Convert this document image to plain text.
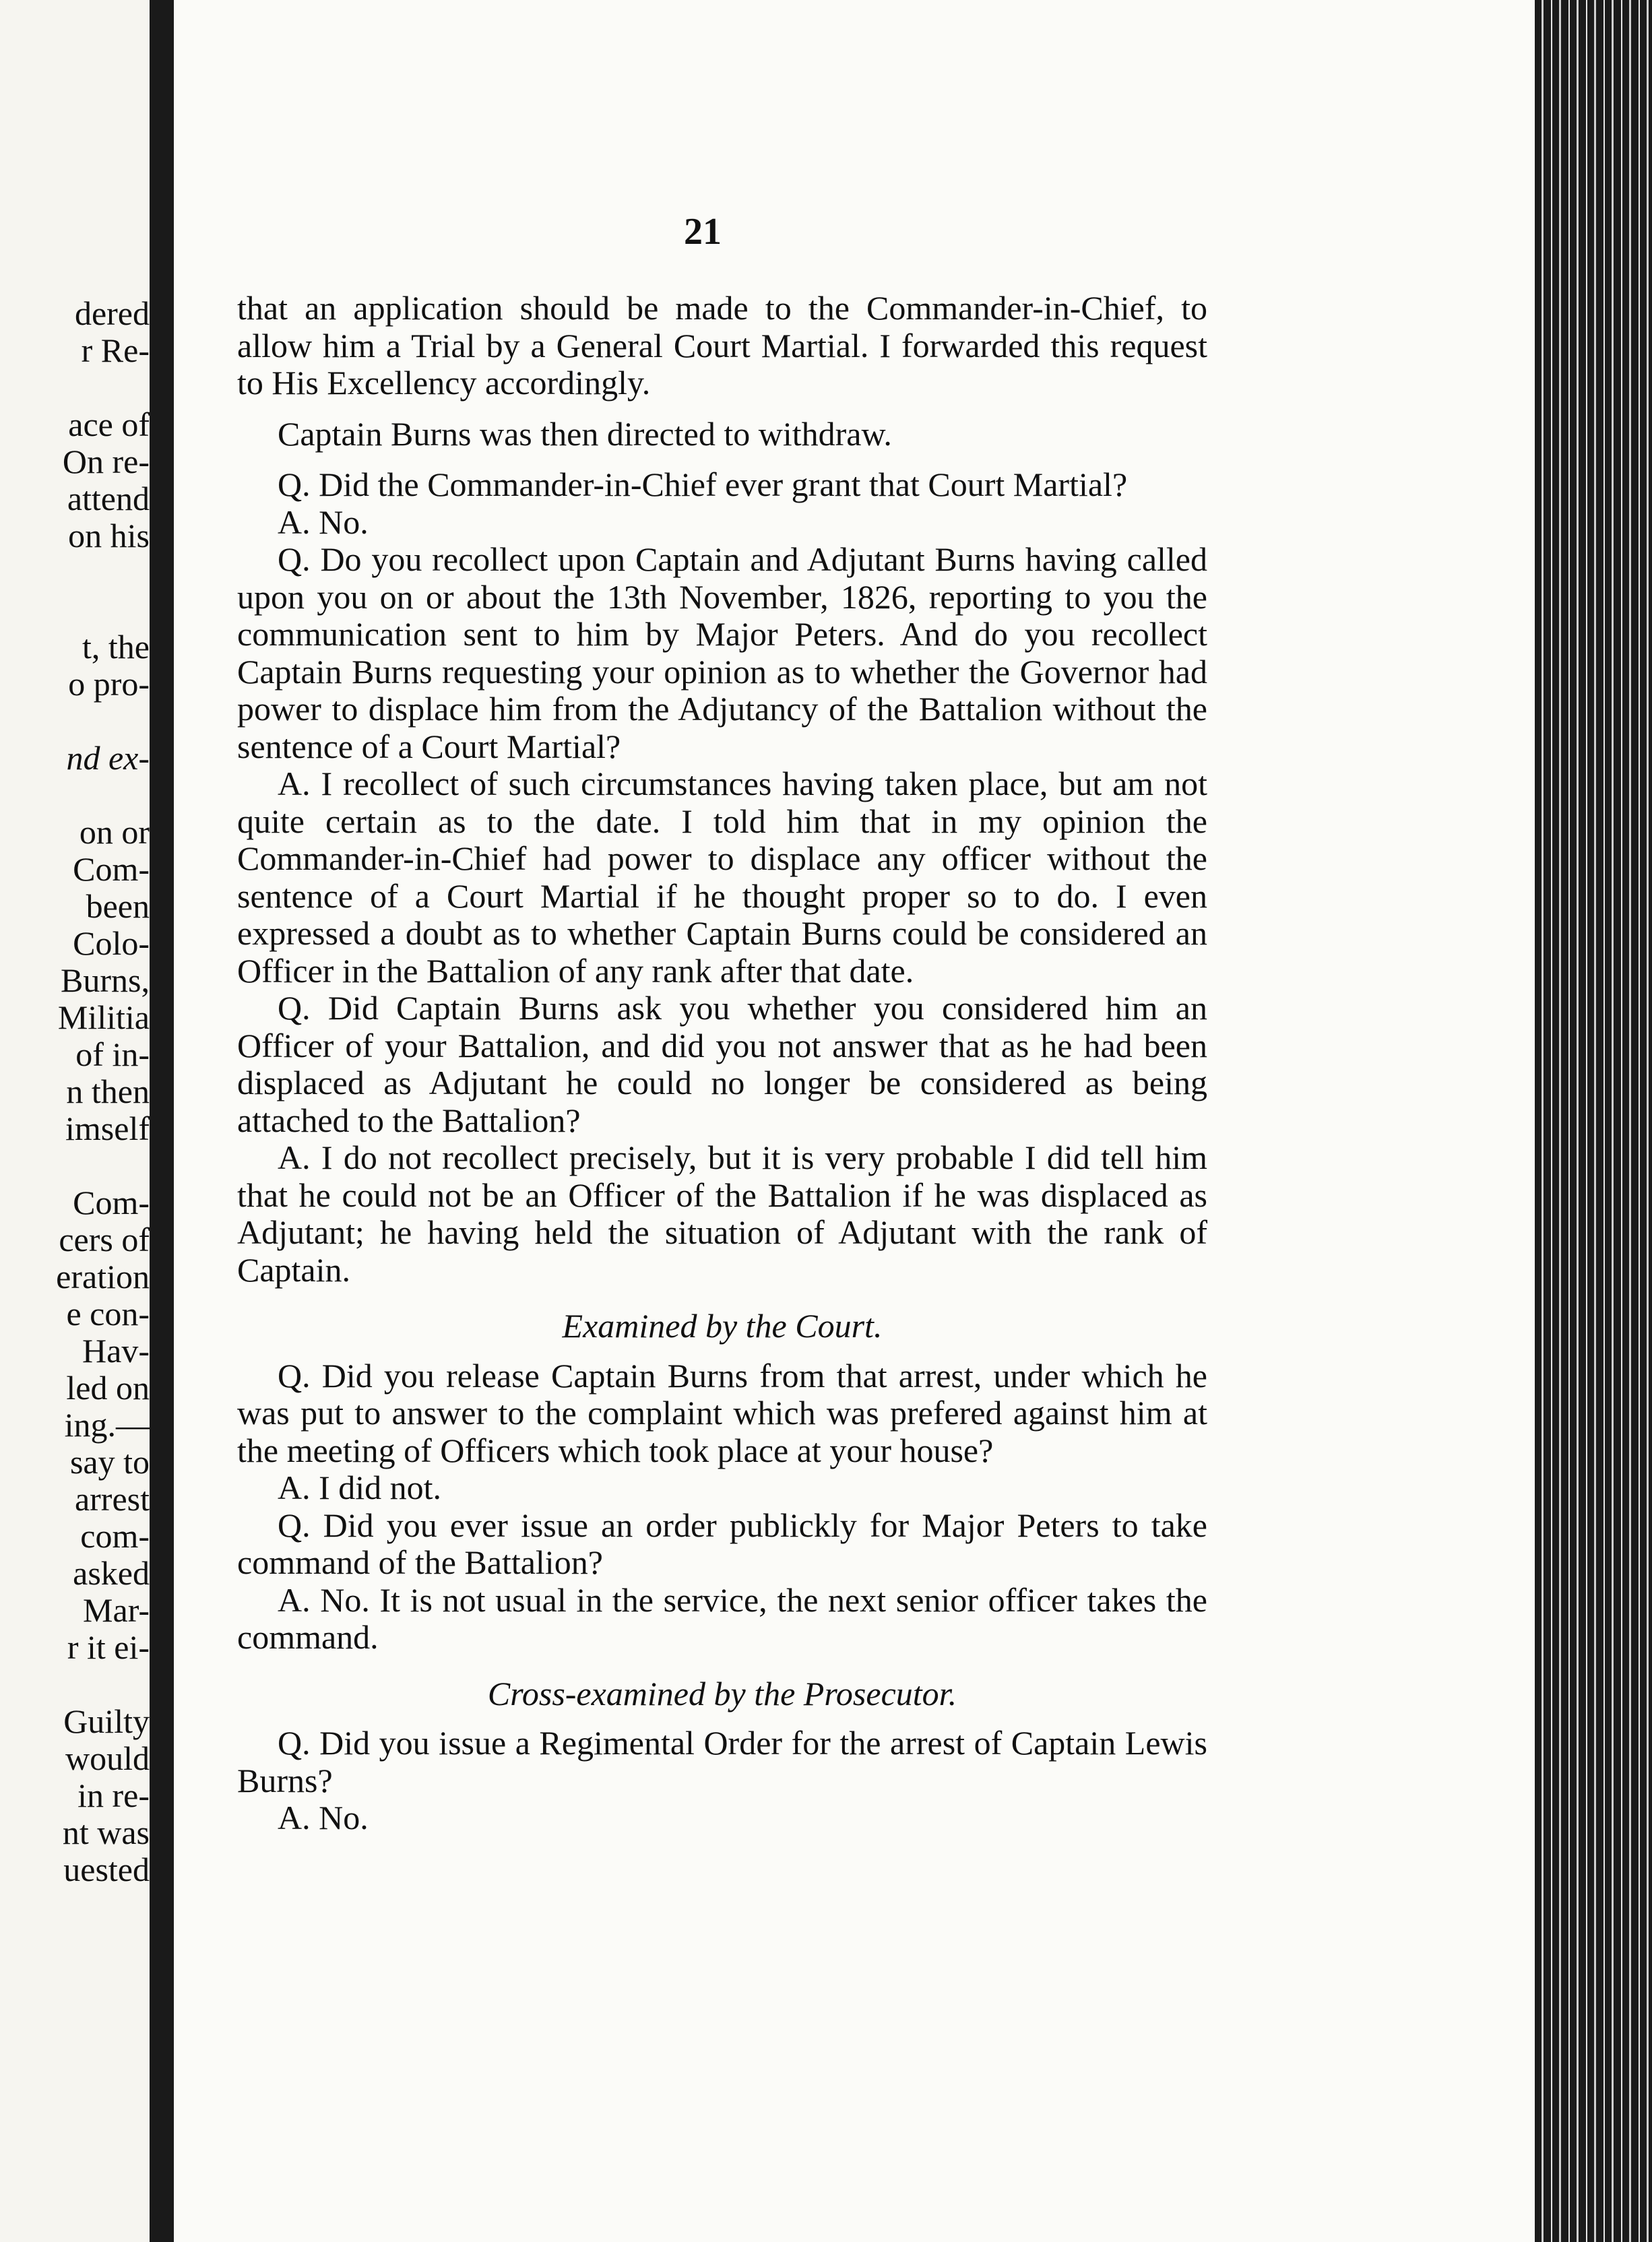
dered
r Re-
ace of
On re-
attend
on his
t, the
o pro-
nd ex-
on or
Com-
been
Colo-
Burns,
Militia
of in-
n then
imself
Com-
cers of
eration
e con-
Hav-
led on
ing.—
say to
arrest
com-
asked
Mar-
r it ei-
Guilty
would
in re-
nt was
uested
21

that an application should be made to the Commander-in-Chief, to allow him a Trial by a General Court Martial. I forwarded this request to His Excellency accordingly.

Captain Burns was then directed to withdraw.

Q. Did the Commander-in-Chief ever grant that Court Martial?

A. No.

Q. Do you recollect upon Captain and Adjutant Burns having called upon you on or about the 13th November, 1826, reporting to you the communication sent to him by Major Peters. And do you recollect Captain Burns requesting your opinion as to whether the Governor had power to displace him from the Adjutancy of the Battalion without the sentence of a Court Martial?

A. I recollect of such circumstances having taken place, but am not quite certain as to the date. I told him that in my opinion the Commander-in-Chief had power to displace any officer without the sentence of a Court Martial if he thought proper so to do. I even expressed a doubt as to whether Captain Burns could be considered an Officer in the Battalion of any rank after that date.

Q. Did Captain Burns ask you whether you considered him an Officer of your Battalion, and did you not answer that as he had been displaced as Adjutant he could no longer be considered as being attached to the Battalion?

A. I do not recollect precisely, but it is very probable I did tell him that he could not be an Officer of the Battalion if he was displaced as Adjutant; he having held the situation of Adjutant with the rank of Captain.

Examined by the Court.

Q. Did you release Captain Burns from that arrest, under which he was put to answer to the complaint which was prefered against him at the meeting of Officers which took place at your house?

A. I did not.

Q. Did you ever issue an order publickly for Major Peters to take command of the Battalion?

A. No. It is not usual in the service, the next senior officer takes the command.

Cross-examined by the Prosecutor.

Q. Did you issue a Regimental Order for the arrest of Captain Lewis Burns?

A. No.
